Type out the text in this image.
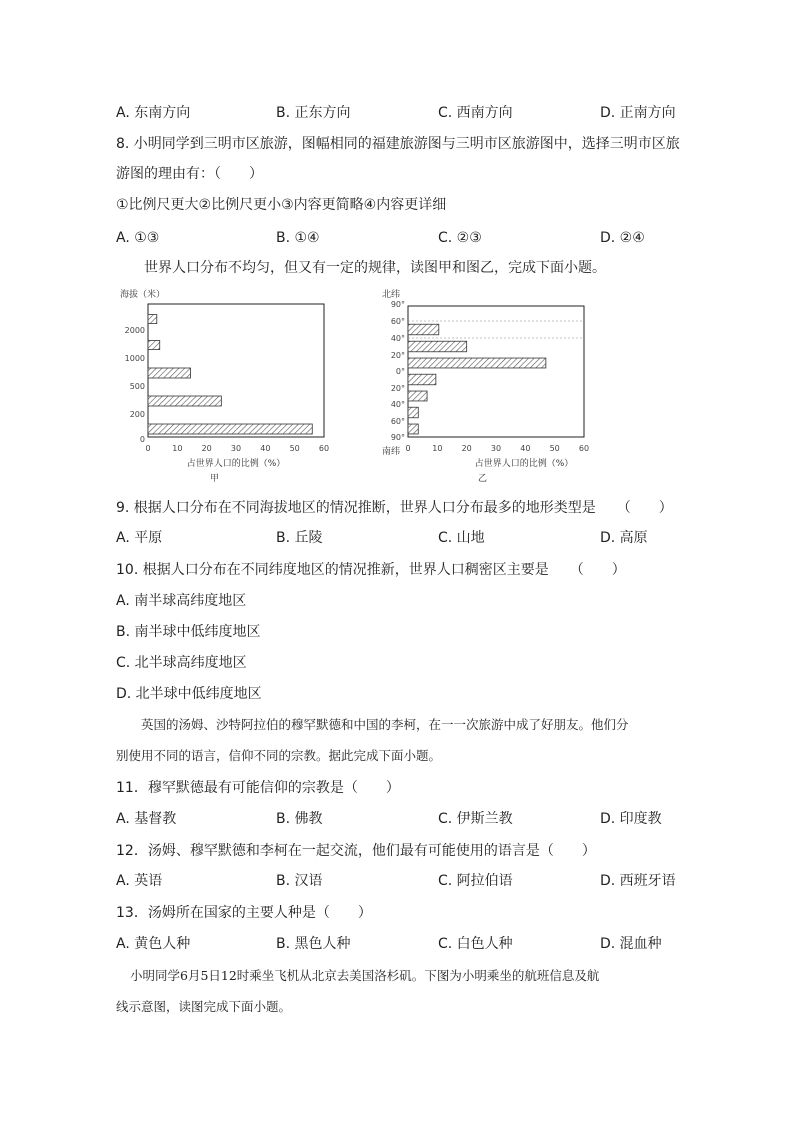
A. 东南方向	B. 正东方向	C. 西南方向	D. 正南方向
8. 小明同学到三明市区旅游，图幅相同的福建旅游图与三明市区旅游图中，选择三明市区旅
游图的理由有：（　　）
①比例尺更大②比例尺更小③内容更简略④内容更详细
A. ①③	B. ①④	C. ②③	D. ②④
世界人口分布不均匀，但又有一定的规律，读图甲和图乙，完成下面小题。
海拔（米）
2000
1000
500
200
0
0	10 20 30 40 50 60
占世界人口的比例（%）
甲
北纬
90°
60°
40°
20°
0°
20°
40°
60°
90°
0	10 20 30 40 50 60
南纬
占世界人口的比例（%）
乙
9. 根据人口分布在不同海拔地区的情况推断，世界人口分布最多的地形类型是　　（　　）
A. 平原	B. 丘陵	C. 山地	D. 高原
10. 根据人口分布在不同纬度地区的情况推新，世界人口稠密区主要是　　（　　）
A. 南半球高纬度地区
B. 南半球中低纬度地区
C. 北半球高纬度地区
D. 北半球中低纬度地区
英国的汤姆、沙特阿拉伯的穆罕默德和中国的李柯，在一一次旅游中成了好朋友。他们分
别使用不同的语言，信仰不同的宗教。据此完成下面小题。
11．穆罕默德最有可能信仰的宗教是（　　）
A. 基督教	B. 佛教	C. 伊斯兰教	D. 印度教
12．汤姆、穆罕默德和李柯在一起交流，他们最有可能使用的语言是（　　）
A. 英语	B. 汉语	C. 阿拉伯语	D. 西班牙语
13．汤姆所在国家的主要人种是（　　）
A. 黄色人种	B. 黑色人种	C. 白色人种	D. 混血种
小明同学6月5日12时乘坐飞机从北京去美国洛杉矶。下图为小明乘坐的航班信息及航
线示意图，读图完成下面小题。
